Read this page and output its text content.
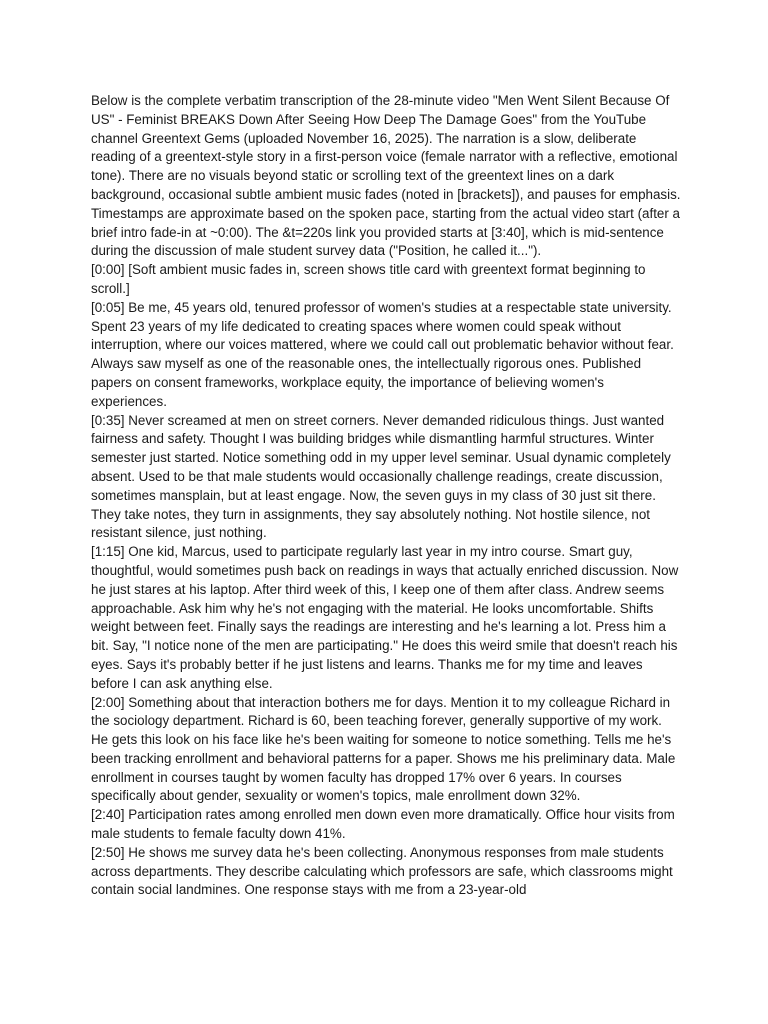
Below is the complete verbatim transcription of the 28-minute video "Men Went Silent Because Of US" - Feminist BREAKS Down After Seeing How Deep The Damage Goes" from the YouTube channel Greentext Gems (uploaded November 16, 2025). The narration is a slow, deliberate reading of a greentext-style story in a first-person voice (female narrator with a reflective, emotional tone). There are no visuals beyond static or scrolling text of the greentext lines on a dark background, occasional subtle ambient music fades (noted in [brackets]), and pauses for emphasis. Timestamps are approximate based on the spoken pace, starting from the actual video start (after a brief intro fade-in at ~0:00). The &t=220s link you provided starts at [3:40], which is mid-sentence during the discussion of male student survey data ("Position, he called it...").

[0:00] [Soft ambient music fades in, screen shows title card with greentext format beginning to scroll.]

[0:05] Be me, 45 years old, tenured professor of women's studies at a respectable state university. Spent 23 years of my life dedicated to creating spaces where women could speak without interruption, where our voices mattered, where we could call out problematic behavior without fear. Always saw myself as one of the reasonable ones, the intellectually rigorous ones. Published papers on consent frameworks, workplace equity, the importance of believing women's experiences.

[0:35] Never screamed at men on street corners. Never demanded ridiculous things. Just wanted fairness and safety. Thought I was building bridges while dismantling harmful structures. Winter semester just started. Notice something odd in my upper level seminar. Usual dynamic completely absent. Used to be that male students would occasionally challenge readings, create discussion, sometimes mansplain, but at least engage. Now, the seven guys in my class of 30 just sit there. They take notes, they turn in assignments, they say absolutely nothing. Not hostile silence, not resistant silence, just nothing.

[1:15] One kid, Marcus, used to participate regularly last year in my intro course. Smart guy, thoughtful, would sometimes push back on readings in ways that actually enriched discussion. Now he just stares at his laptop. After third week of this, I keep one of them after class. Andrew seems approachable. Ask him why he's not engaging with the material. He looks uncomfortable. Shifts weight between feet. Finally says the readings are interesting and he's learning a lot. Press him a bit. Say, "I notice none of the men are participating." He does this weird smile that doesn't reach his eyes. Says it's probably better if he just listens and learns. Thanks me for my time and leaves before I can ask anything else.

[2:00] Something about that interaction bothers me for days. Mention it to my colleague Richard in the sociology department. Richard is 60, been teaching forever, generally supportive of my work. He gets this look on his face like he's been waiting for someone to notice something. Tells me he's been tracking enrollment and behavioral patterns for a paper. Shows me his preliminary data. Male enrollment in courses taught by women faculty has dropped 17% over 6 years. In courses specifically about gender, sexuality or women's topics, male enrollment down 32%.

[2:40] Participation rates among enrolled men down even more dramatically. Office hour visits from male students to female faculty down 41%.

[2:50] He shows me survey data he's been collecting. Anonymous responses from male students across departments. They describe calculating which professors are safe, which classrooms might contain social landmines. One response stays with me from a 23-year-old
